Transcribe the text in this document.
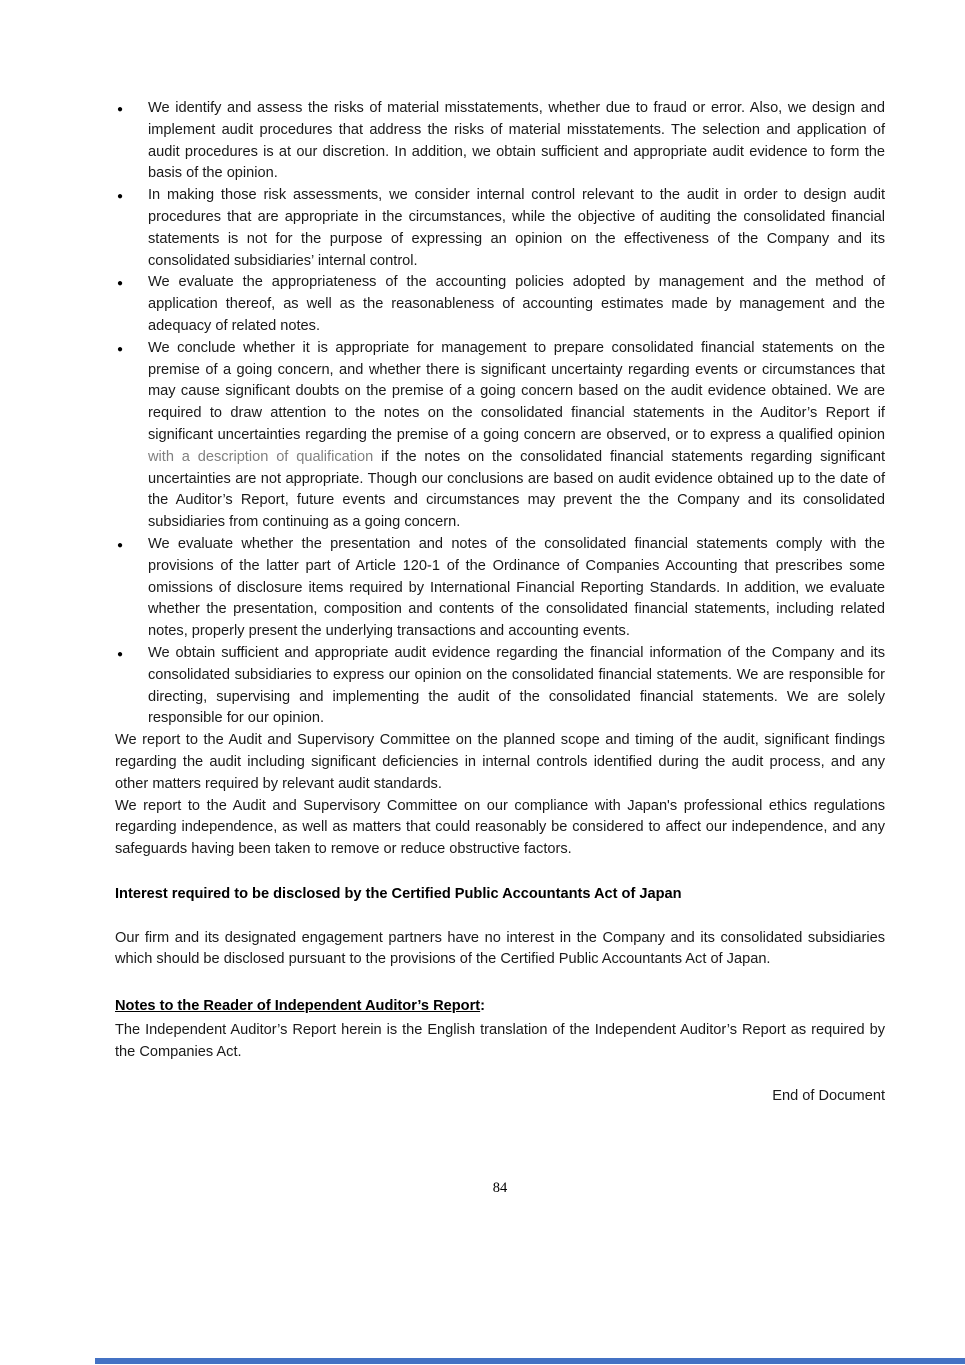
● We identify and assess the risks of material misstatements, whether due to fraud or error. Also, we design and implement audit procedures that address the risks of material misstatements. The selection and application of audit procedures is at our discretion. In addition, we obtain sufficient and appropriate audit evidence to form the basis of the opinion.
● In making those risk assessments, we consider internal control relevant to the audit in order to design audit procedures that are appropriate in the circumstances, while the objective of auditing the consolidated financial statements is not for the purpose of expressing an opinion on the effectiveness of the Company and its consolidated subsidiaries’ internal control.
● We evaluate the appropriateness of the accounting policies adopted by management and the method of application thereof, as well as the reasonableness of accounting estimates made by management and the adequacy of related notes.
● We conclude whether it is appropriate for management to prepare consolidated financial statements on the premise of a going concern, and whether there is significant uncertainty regarding events or circumstances that may cause significant doubts on the premise of a going concern based on the audit evidence obtained. We are required to draw attention to the notes on the consolidated financial statements in the Auditor’s Report if significant uncertainties regarding the premise of a going concern are observed, or to express a qualified opinion with a description of qualification if the notes on the consolidated financial statements regarding significant uncertainties are not appropriate. Though our conclusions are based on audit evidence obtained up to the date of the Auditor’s Report, future events and circumstances may prevent the the Company and its consolidated subsidiaries from continuing as a going concern.
● We evaluate whether the presentation and notes of the consolidated financial statements comply with the provisions of the latter part of Article 120-1 of the Ordinance of Companies Accounting that prescribes some omissions of disclosure items required by International Financial Reporting Standards. In addition, we evaluate whether the presentation, composition and contents of the consolidated financial statements, including related notes, properly present the underlying transactions and accounting events.
● We obtain sufficient and appropriate audit evidence regarding the financial information of the Company and its consolidated subsidiaries to express our opinion on the consolidated financial statements. We are responsible for directing, supervising and implementing the audit of the consolidated financial statements. We are solely responsible for our opinion.

We report to the Audit and Supervisory Committee on the planned scope and timing of the audit, significant findings regarding the audit including significant deficiencies in internal controls identified during the audit process, and any other matters required by relevant audit standards.

We report to the Audit and Supervisory Committee on our compliance with Japan's professional ethics regulations regarding independence, as well as matters that could reasonably be considered to affect our independence, and any safeguards having been taken to remove or reduce obstructive factors.

Interest required to be disclosed by the Certified Public Accountants Act of Japan

Our firm and its designated engagement partners have no interest in the Company and its consolidated subsidiaries which should be disclosed pursuant to the provisions of the Certified Public Accountants Act of Japan.

Notes to the Reader of Independent Auditor’s Report:

The Independent Auditor’s Report herein is the English translation of the Independent Auditor’s Report as required by the Companies Act.

End of Document

84
